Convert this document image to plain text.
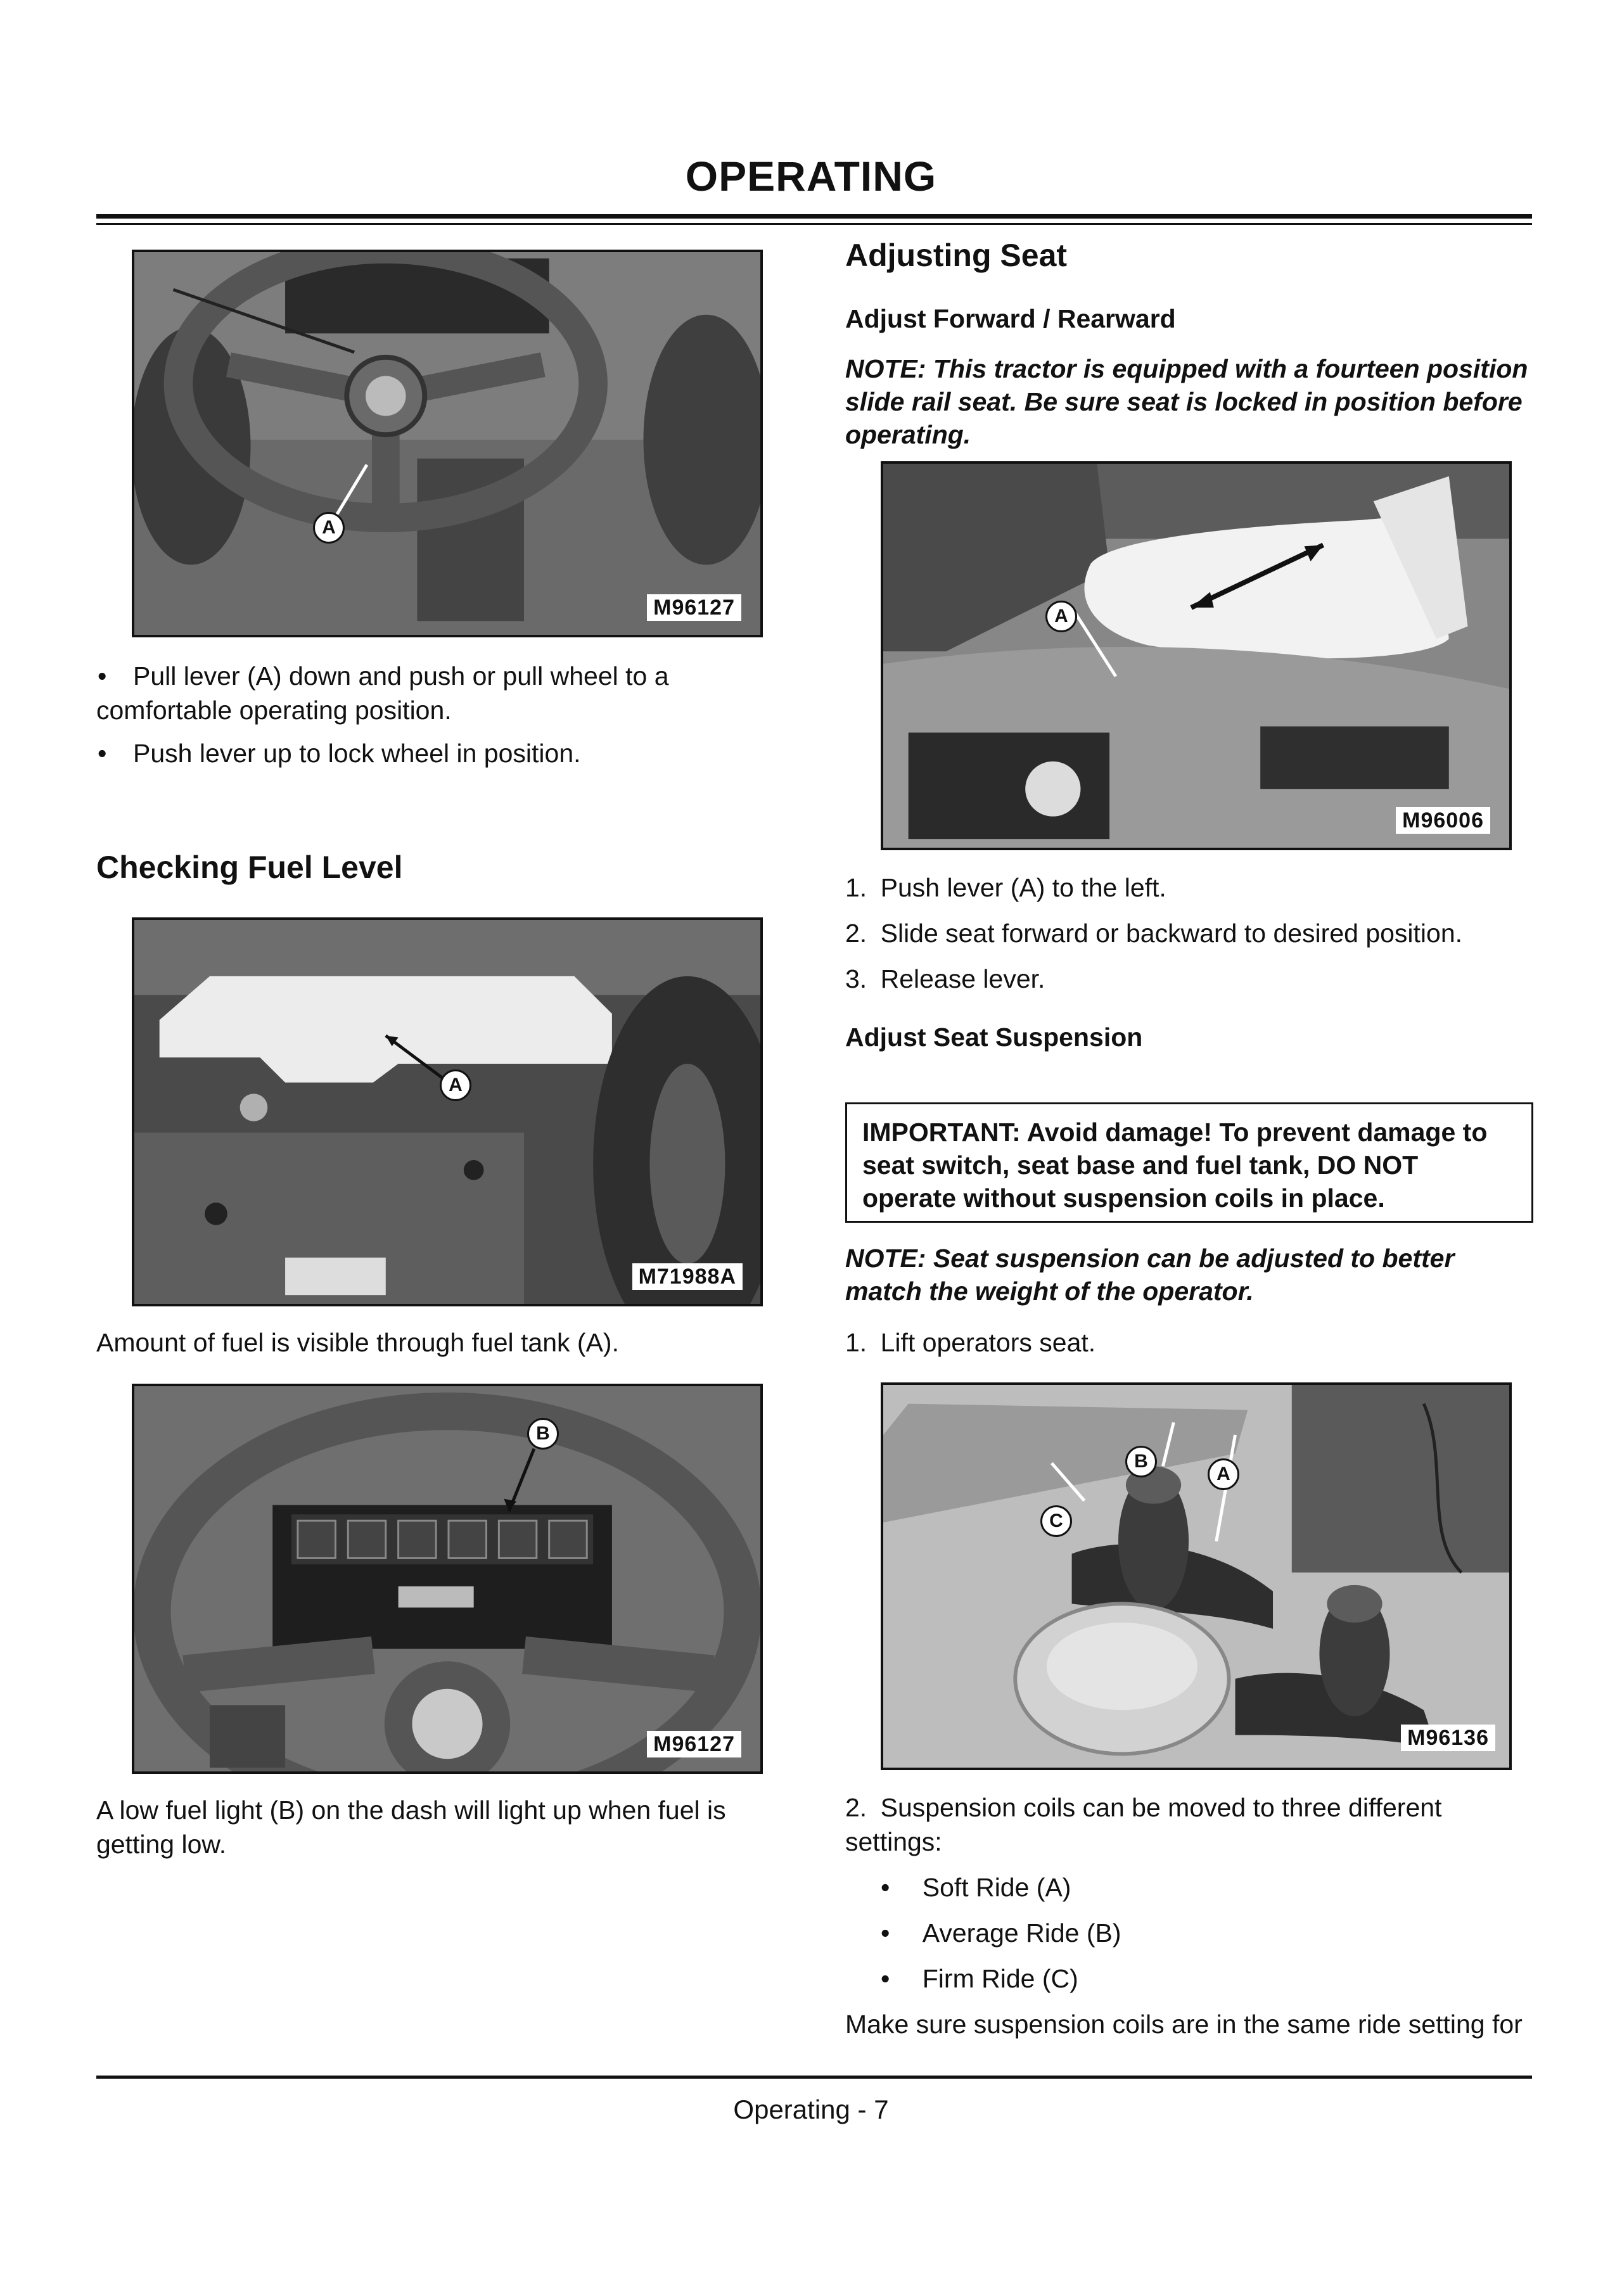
OPERATING
A
M96127
•	Pull lever (A) down and push or pull wheel to a comfortable operating position.
•	Push lever up to lock wheel in position.
Checking Fuel Level
A
M71988A
Amount of fuel is visible through fuel tank (A).
B
M96127
A low fuel light (B) on the dash will light up when fuel is getting low.
Adjusting Seat
Adjust Forward / Rearward
NOTE: This tractor is equipped with a fourteen position slide rail seat. Be sure seat is locked in position before operating.
A
M96006
1. Push lever (A) to the left.
2. Slide seat forward or backward to desired position.
3. Release lever.
Adjust Seat Suspension
IMPORTANT: Avoid damage! To prevent damage to seat switch, seat base and fuel tank, DO NOT operate without suspension coils in place.
NOTE: Seat suspension can be adjusted to better match the weight of the operator.
1. Lift operators seat.
B
A
C
M96136
2. Suspension coils can be moved to three different settings:
• Soft Ride (A)
• Average Ride (B)
• Firm Ride (C)
Make sure suspension coils are in the same ride setting for
Operating - 7
